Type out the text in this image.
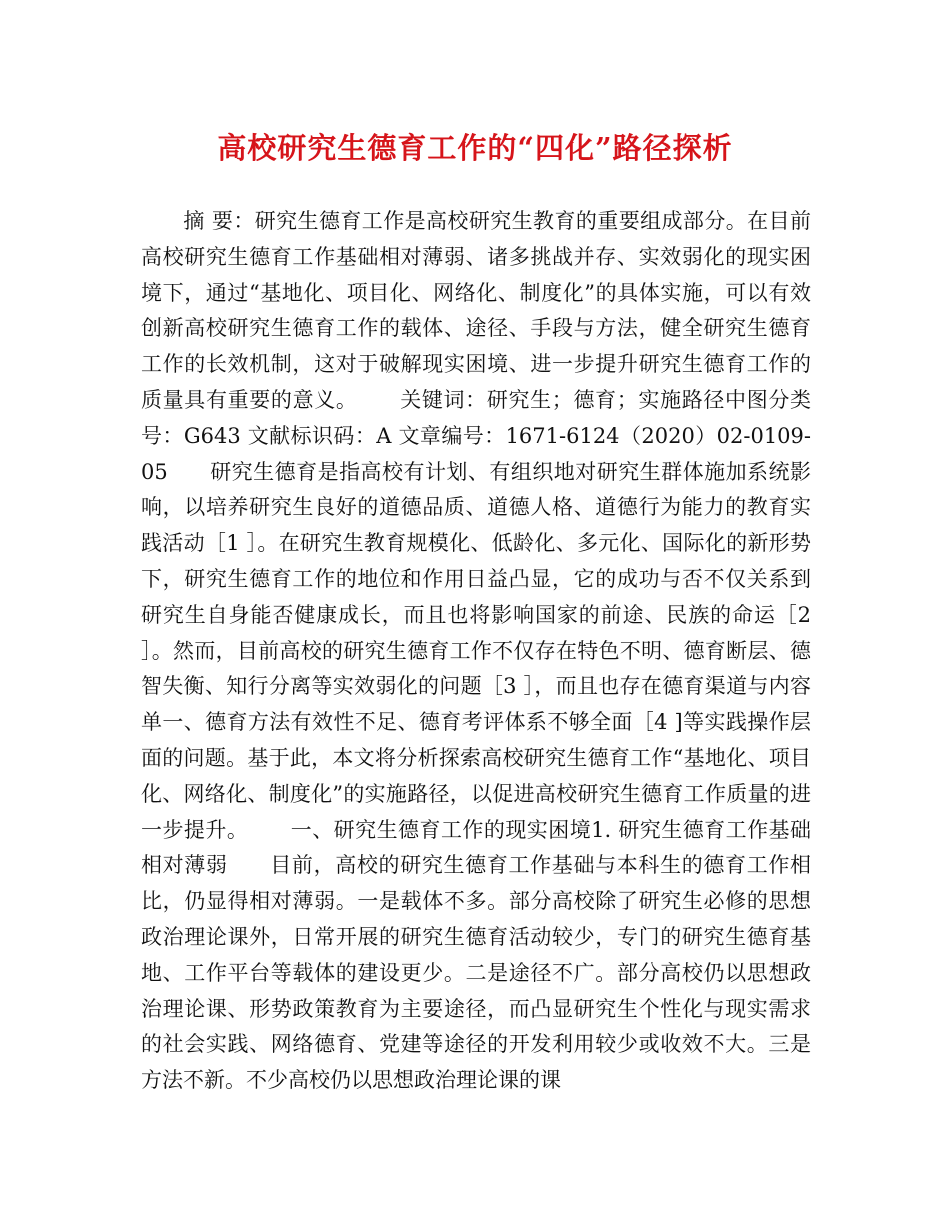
高校研究生德育工作的“四化”路径探析

摘 要：研究生德育工作是高校研究生教育的重要组成部分。在目前高校研究生德育工作基础相对薄弱、诸多挑战并存、实效弱化的现实困境下，通过“基地化、项目化、网络化、制度化”的具体实施，可以有效创新高校研究生德育工作的载体、途径、手段与方法，健全研究生德育工作的长效机制，这对于破解现实困境、进一步提升研究生德育工作的质量具有重要的意义。 关键词：研究生；德育；实施路径中图分类号：G643 文献标识码：A 文章编号：1671-6124（2020）02-0109-05 研究生德育是指高校有计划、有组织地对研究生群体施加系统影响，以培养研究生良好的道德品质、道德人格、道德行为能力的教育实践活动［1 ］。在研究生教育规模化、低龄化、多元化、国际化的新形势下，研究生德育工作的地位和作用日益凸显，它的成功与否不仅关系到研究生自身能否健康成长，而且也将影响国家的前途、民族的命运［2 ］。然而，目前高校的研究生德育工作不仅存在特色不明、德育断层、德智失衡、知行分离等实效弱化的问题［3 ］，而且也存在德育渠道与内容单一、德育方法有效性不足、德育考评体系不够全面［4 ]等实践操作层面的问题。基于此，本文将分析探索高校研究生德育工作“基地化、项目化、网络化、制度化”的实施路径，以促进高校研究生德育工作质量的进一步提升。 一、研究生德育工作的现实困境1. 研究生德育工作基础相对薄弱 目前，高校的研究生德育工作基础与本科生的德育工作相比，仍显得相对薄弱。一是载体不多。部分高校除了研究生必修的思想政治理论课外，日常开展的研究生德育活动较少，专门的研究生德育基地、工作平台等载体的建设更少。二是途径不广。部分高校仍以思想政治理论课、形势政策教育为主要途径，而凸显研究生个性化与现实需求的社会实践、网络德育、党建等途径的开发利用较少或收效不大。三是方法不新。不少高校仍以思想政治理论课的课
